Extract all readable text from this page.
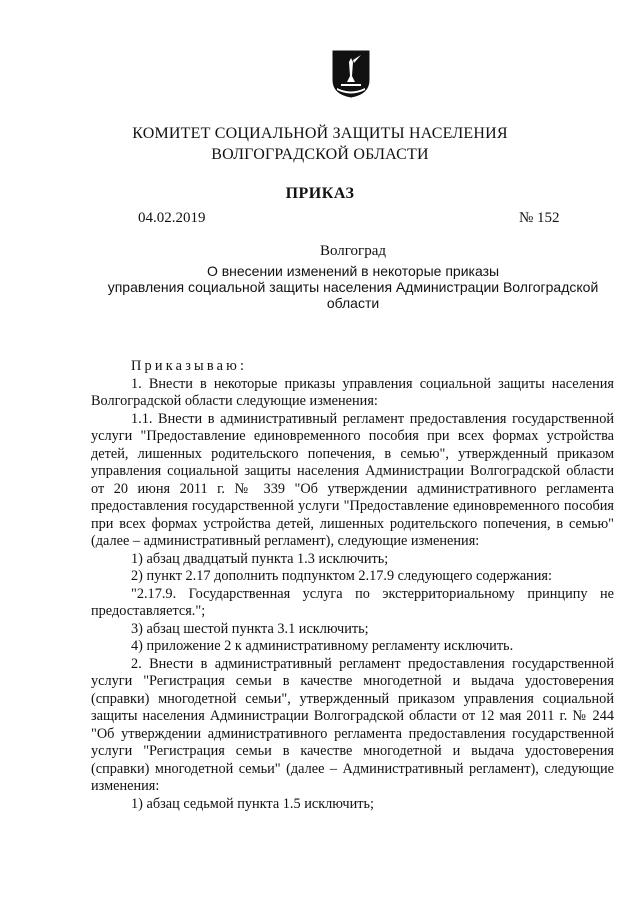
КОМИТЕТ СОЦИАЛЬНОЙ ЗАЩИТЫ НАСЕЛЕНИЯ
ВОЛГОГРАДСКОЙ ОБЛАСТИ
ПРИКАЗ
04.02.2019	№ 152
Волгоград
О внесении изменений в некоторые приказы
управления социальной защиты населения Администрации Волгоградской
области

Приказываю:

1. Внести в некоторые приказы управления социальной защиты населения Волгоградской области следующие изменения:

1.1. Внести в административный регламент предоставления государственной услуги "Предоставление единовременного пособия при всех формах устройства детей, лишенных родительского попечения, в семью", утвержденный приказом управления социальной защиты населения Администрации Волгоградской области от 20 июня 2011 г. № 339 "Об утверждении административного регламента предоставления государственной услуги "Предоставление единовременного пособия при всех формах устройства детей, лишенных родительского попечения, в семью" (далее – административный регламент), следующие изменения:

1) абзац двадцатый пункта 1.3 исключить;

2) пункт 2.17 дополнить подпунктом 2.17.9 следующего содержания:

"2.17.9. Государственная услуга по экстерриториальному принципу не предоставляется.";

3) абзац шестой пункта 3.1 исключить;

4) приложение 2 к административному регламенту исключить.

2. Внести в административный регламент предоставления государственной услуги "Регистрация семьи в качестве многодетной и выдача удостоверения (справки) многодетной семьи", утвержденный приказом управления социальной защиты населения Администрации Волгоградской области от 12 мая 2011 г. № 244 "Об утверждении административного регламента предоставления государственной услуги "Регистрация семьи в качестве многодетной и выдача удостоверения (справки) многодетной семьи" (далее – Административный регламент), следующие изменения:

1) абзац седьмой пункта 1.5 исключить;
